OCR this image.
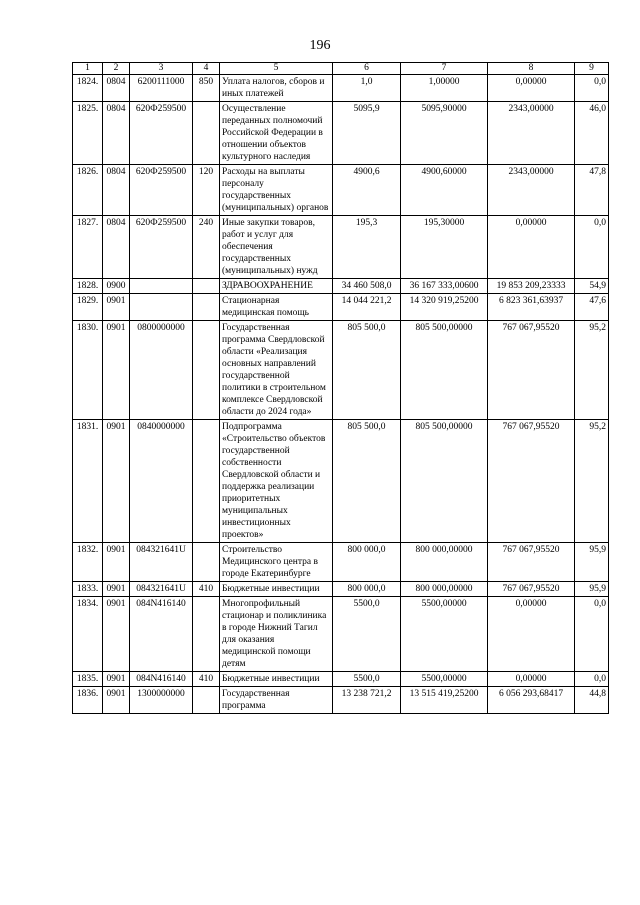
196
1	2	3	4	5	6	7	8	9
1824.	0804	6200111000	850	Уплата налогов, сборов и иных платежей	1,0	1,00000	0,00000	0,0
1825.	0804	620Ф259500		Осуществление переданных полномочий Российской Федерации в отношении объектов культурного наследия	5095,9	5095,90000	2343,00000	46,0
1826.	0804	620Ф259500	120	Расходы на выплаты персоналу государственных (муниципальных) органов	4900,6	4900,60000	2343,00000	47,8
1827.	0804	620Ф259500	240	Иные закупки товаров, работ и услуг для обеспечения государственных (муниципальных) нужд	195,3	195,30000	0,00000	0,0
1828.	0900			ЗДРАВООХРАНЕНИЕ	34 460 508,0	36 167 333,00600	19 853 209,23333	54,9
1829.	0901			Стационарная медицинская помощь	14 044 221,2	14 320 919,25200	6 823 361,63937	47,6
1830.	0901	0800000000		Государственная программа Свердловской области «Реализация основных направлений государственной политики в строительном комплексе Свердловской области до 2024 года»	805 500,0	805 500,00000	767 067,95520	95,2
1831.	0901	0840000000		Подпрограмма «Строительство объектов государственной собственности Свердловской области и поддержка реализации приоритетных муниципальных инвестиционных проектов»	805 500,0	805 500,00000	767 067,95520	95,2
1832.	0901	084321641U		Строительство Медицинского центра в городе Екатеринбурге	800 000,0	800 000,00000	767 067,95520	95,9
1833.	0901	084321641U	410	Бюджетные инвестиции	800 000,0	800 000,00000	767 067,95520	95,9
1834.	0901	084N416140		Многопрофильный стационар и поликлиника в городе Нижний Тагил для оказания медицинской помощи детям	5500,0	5500,00000	0,00000	0,0
1835.	0901	084N416140	410	Бюджетные инвестиции	5500,0	5500,00000	0,00000	0,0
1836.	0901	1300000000		Государственная программа	13 238 721,2	13 515 419,25200	6 056 293,68417	44,8
